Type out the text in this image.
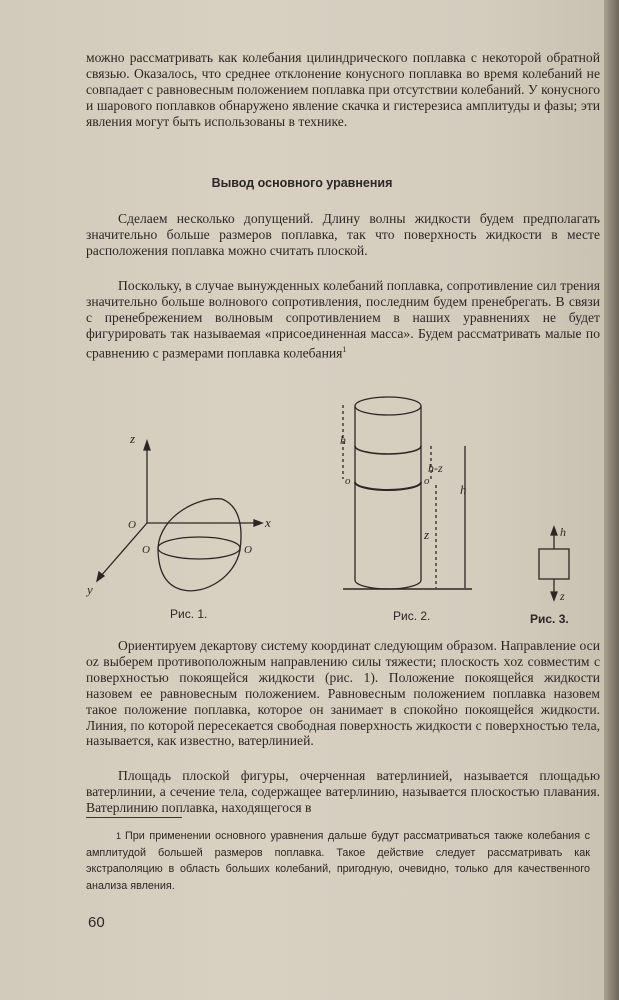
можно рассматривать как колебания цилиндрического поплавка с некоторой обратной связью. Оказалось, что среднее отклонение конусного поплавка во время колебаний не совпадает с равновесным положением поплавка при отсутствии колебаний. У конусного и шарового поплавков обнаружено явление скачка и гистерезиса амплитуды и фазы; эти явления могут быть использованы в технике.

Вывод основного уравнения

Сделаем несколько допущений. Длину волны жидкости будем предполагать значительно больше размеров поплавка, так что поверхность жидкости в месте расположения поплавка можно считать плоской.

Поскольку, в случае вынужденных колебаний поплавка, сопротивление сил трения значительно больше волнового сопротивления, последним будем пренебрегать. В связи с пренебрежением волновым сопротивлением в наших уравнениях не будет фигурировать так называемая «присоединенная масса». Будем рассматривать малые по сравнению с размерами поплавка колебания$^1$

z
x
y
O
O	O
h
o
h-z
o
h
z	h
z
Рис. 1.	Рис. 2.	Рис. 3.

Ориентируем декартову систему координат следующим образом. Направление оси oz выберем противоположным направлению силы тяжести; плоскость xoz совместим с поверхностью покоящейся жидкости (рис. 1). Положение покоящейся жидкости назовем ее равновесным положением. Равновесным положением поплавка назовем такое положение поплавка, которое он занимает в спокойно покоящейся жидкости. Линия, по которой пересекается свободная поверхность жидкости с поверхностью тела, называется, как известно, ватерлинией.

Площадь плоской фигуры, очерченная ватерлинией, называется площадью ватерлинии, а сечение тела, содержащее ватерлинию, называется плоскостью плавания. Ватерлинию поплавка, находящегося в

$^1$ При применении основного уравнения дальше будут рассматриваться также колебания с амплитудой большей размеров поплавка. Такое действие следует рассматривать как экстраполяцию в область больших колебаний, пригодную, очевидно, только для качественного анализа явления.
60
